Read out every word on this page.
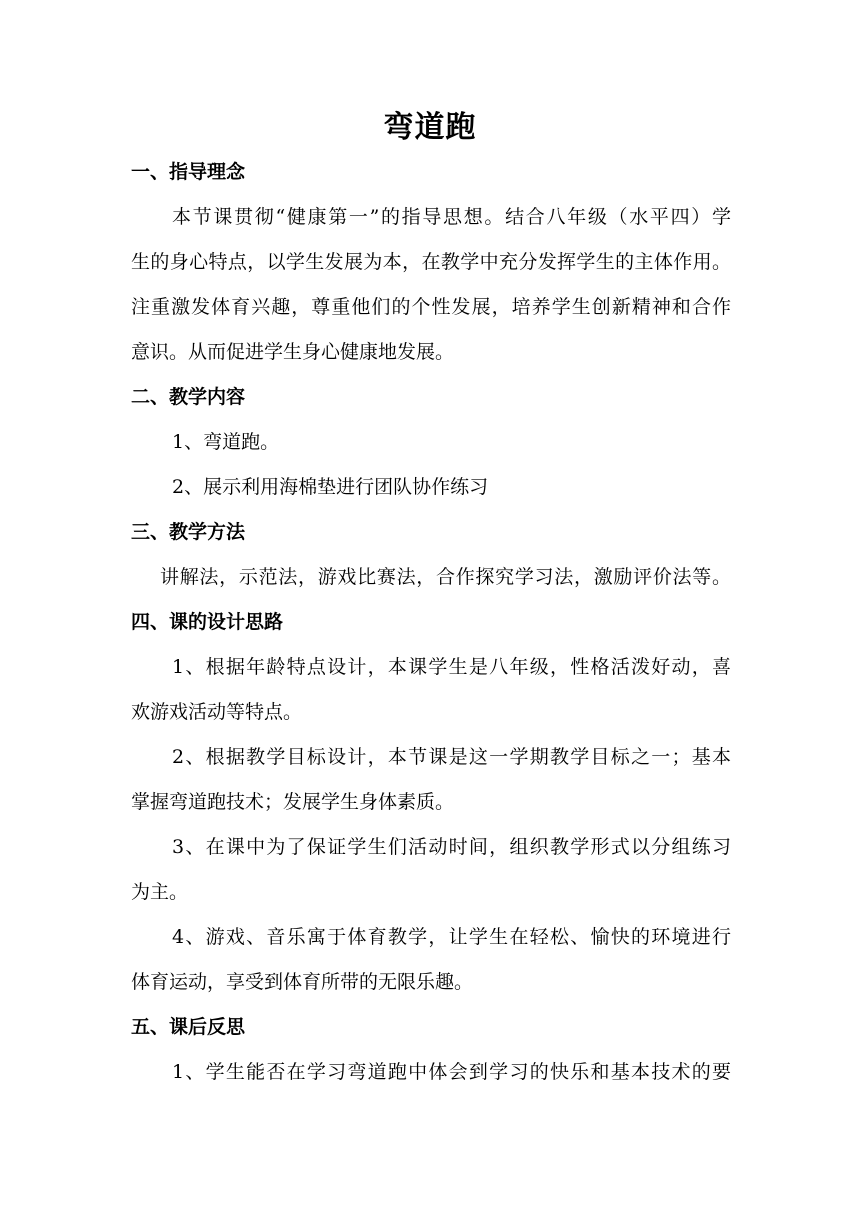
弯道跑
一、指导理念
本节课贯彻“健康第一”的指导思想。结合八年级（水平四）学
生的身心特点，以学生发展为本，在教学中充分发挥学生的主体作用。
注重激发体育兴趣，尊重他们的个性发展，培养学生创新精神和合作
意识。从而促进学生身心健康地发展。
二、教学内容
1、弯道跑。
2、展示利用海棉垫进行团队协作练习
三、教学方法
讲解法，示范法，游戏比赛法，合作探究学习法，激励评价法等。
四、课的设计思路
1、根据年龄特点设计，本课学生是八年级，性格活泼好动，喜
欢游戏活动等特点。
2、根据教学目标设计，本节课是这一学期教学目标之一；基本
掌握弯道跑技术；发展学生身体素质。
3、在课中为了保证学生们活动时间，组织教学形式以分组练习
为主。
4、游戏、音乐寓于体育教学，让学生在轻松、愉快的环境进行
体育运动，享受到体育所带的无限乐趣。
五、课后反思
1、学生能否在学习弯道跑中体会到学习的快乐和基本技术的要
